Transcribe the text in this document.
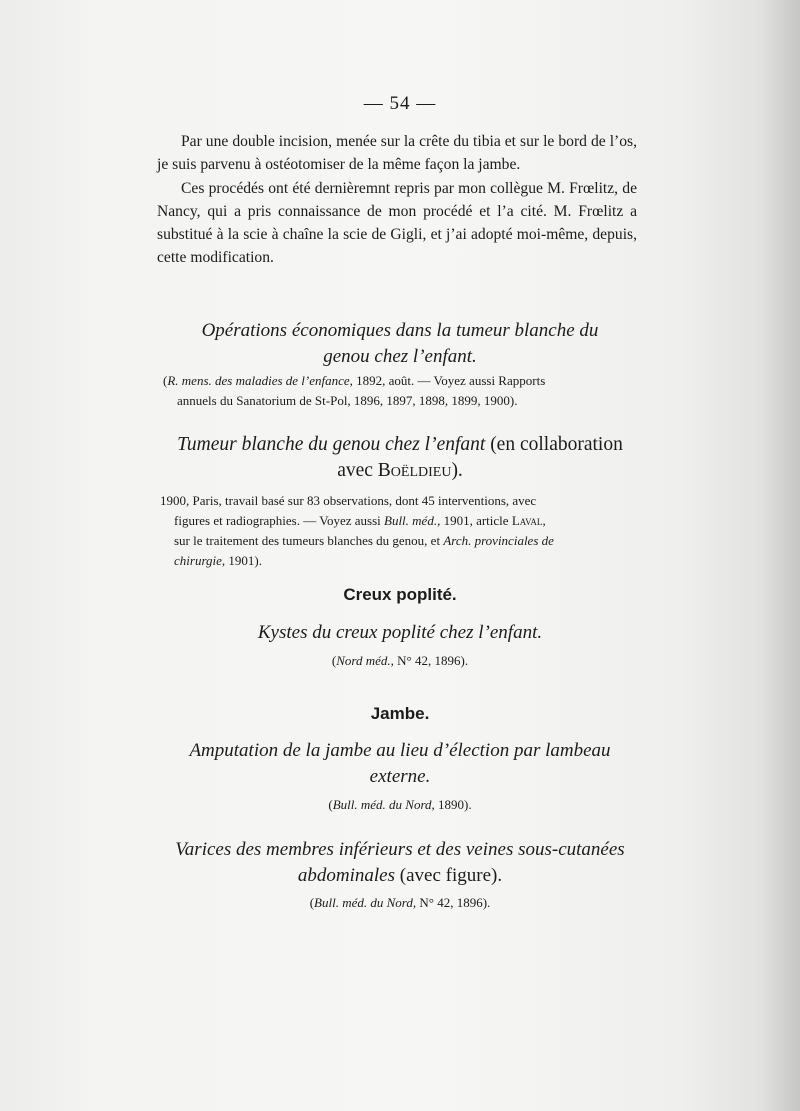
— 54 —

Par une double incision, menée sur la crête du tibia et sur le bord de l’os, je suis parvenu à ostéotomiser de la même façon la jambe.

Ces procédés ont été dernièremnt repris par mon collègue M. Frœlitz, de Nancy, qui a pris connaissance de mon procédé et l’a cité. M. Frœlitz a substitué à la scie à chaîne la scie de Gigli, et j’ai adopté moi-même, depuis, cette modification.

Opérations économiques dans la tumeur blanche du
genou chez l’enfant.
(R. mens. des maladies de l’enfance, 1892, août. — Voyez aussi Rapports
annuels du Sanatorium de St-Pol, 1896, 1897, 1898, 1899, 1900).
Tumeur blanche du genou chez l’enfant (en collaboration
avec Boëldieu).
1900, Paris, travail basé sur 83 observations, dont 45 interventions, avec
figures et radiographies. — Voyez aussi Bull. méd., 1901, article Laval,
sur le traitement des tumeurs blanches du genou, et Arch. provinciales de
chirurgie, 1901).
Creux poplité.
Kystes du creux poplité chez l’enfant.
(Nord méd., N° 42, 1896).
Jambe.
Amputation de la jambe au lieu d’élection par lambeau
externe.
(Bull. méd. du Nord, 1890).
Varices des membres inférieurs et des veines sous-cutanées
abdominales (avec figure).
(Bull. méd. du Nord, N° 42, 1896).
